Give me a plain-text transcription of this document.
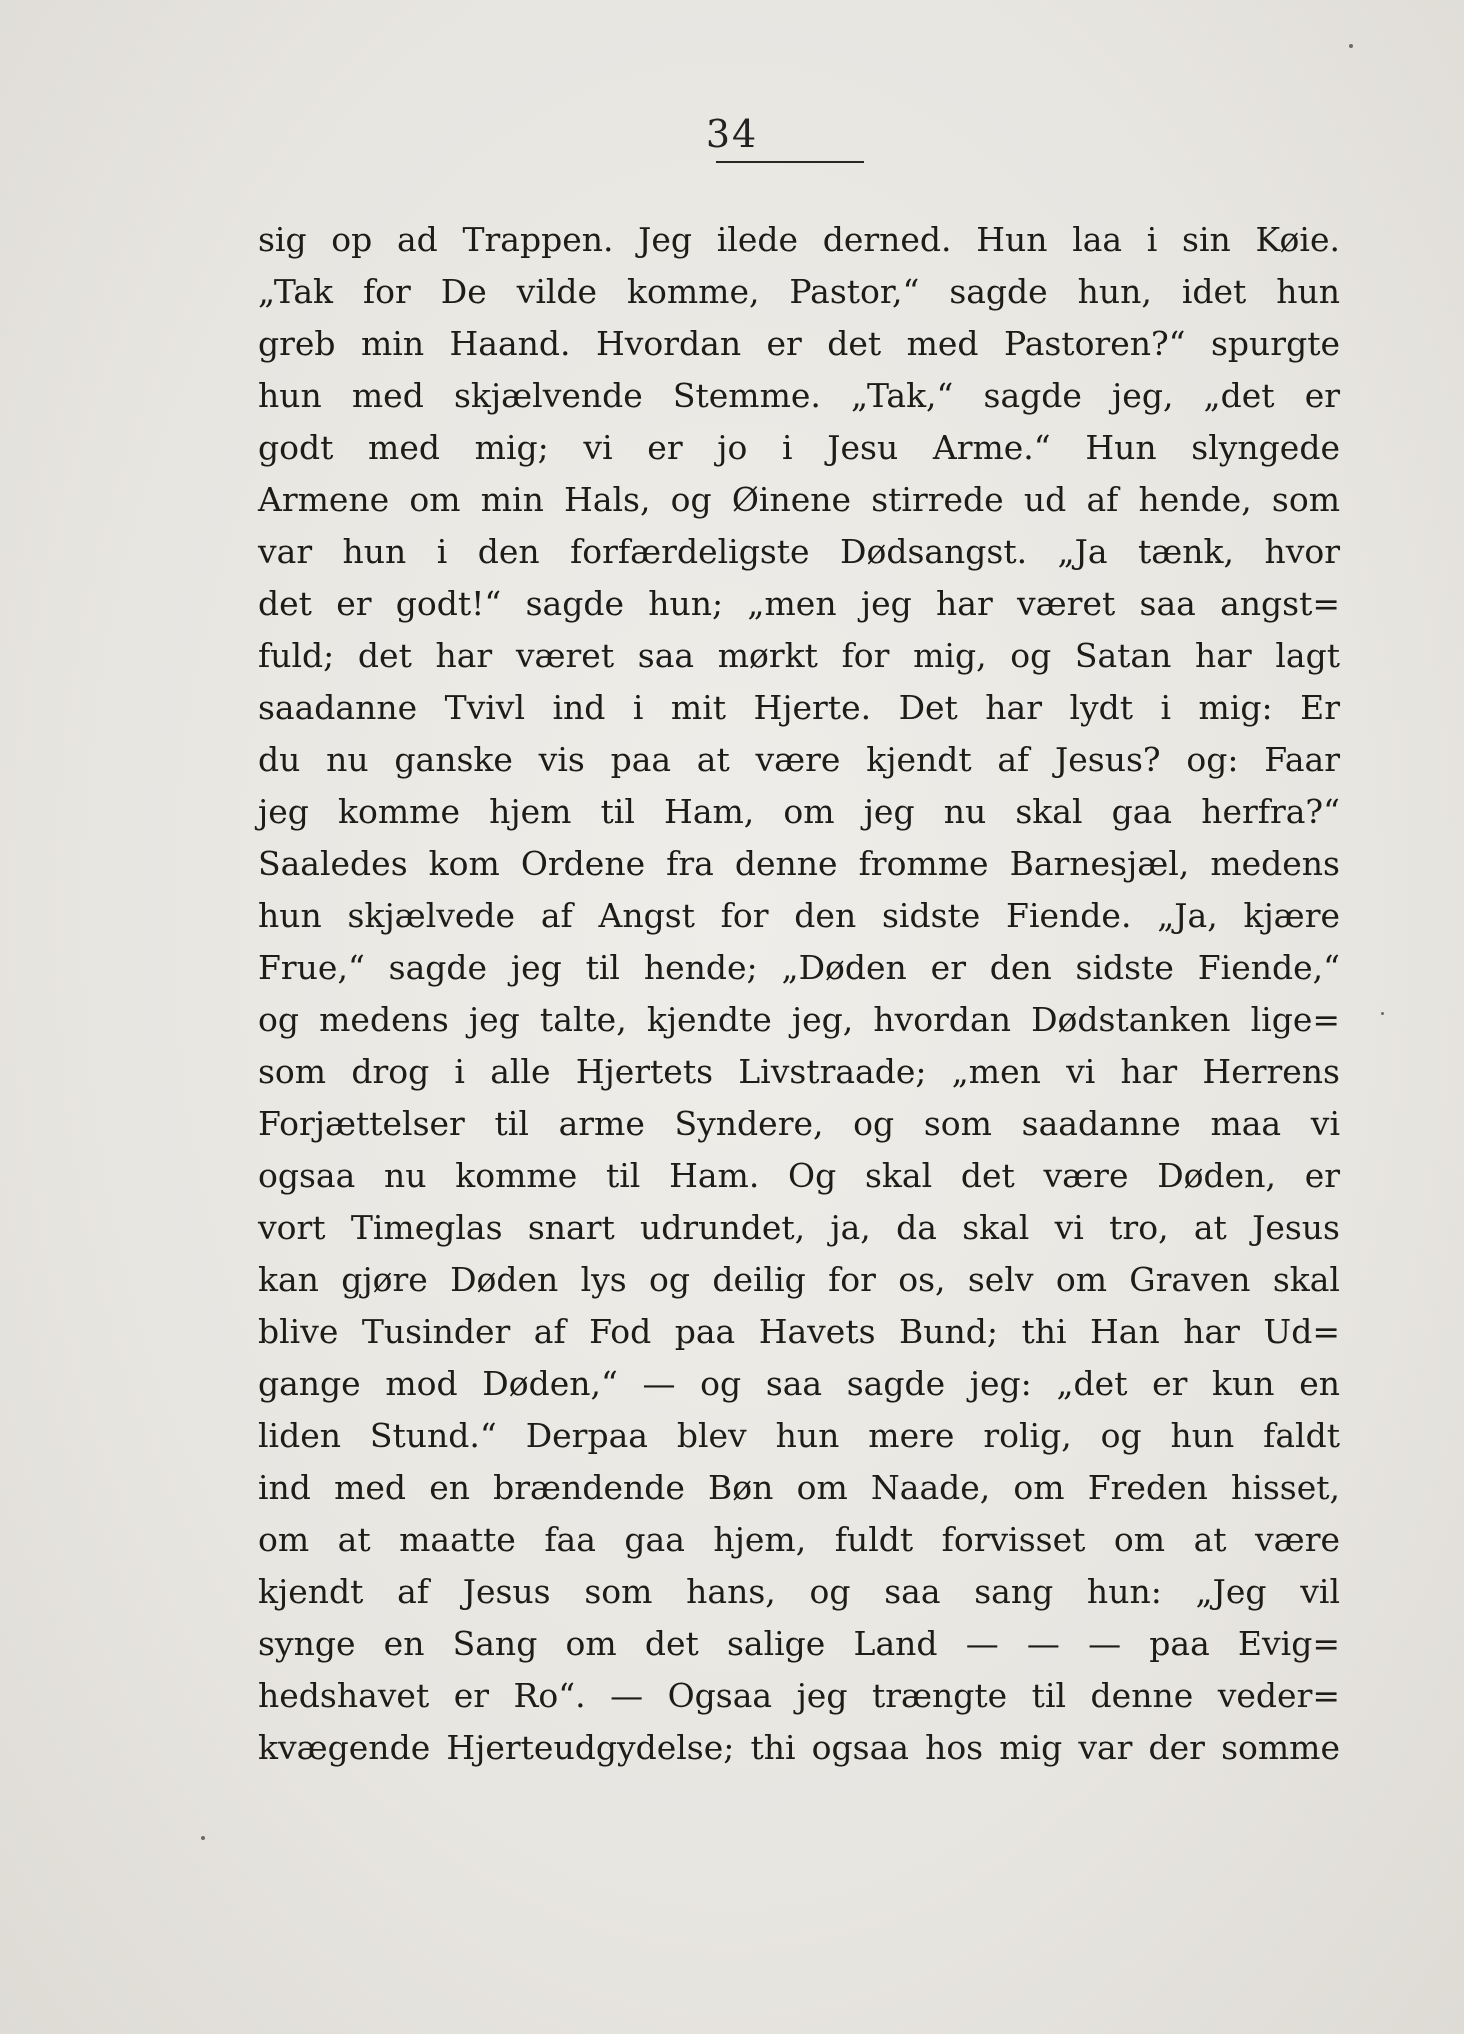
34
sig op ad Trappen. Jeg ilede derned. Hun laa i sin Køie.
„Tak for De vilde komme, Pastor,“ sagde hun, idet hun
greb min Haand. Hvordan er det med Pastoren?“ spurgte
hun med skjælvende Stemme. „Tak,“ sagde jeg, „det er
godt med mig; vi er jo i Jesu Arme.“ Hun slyngede
Armene om min Hals, og Øinene stirrede ud af hende, som
var hun i den forfærdeligste Dødsangst. „Ja tænk, hvor
det er godt!“ sagde hun; „men jeg har været saa angst=
fuld; det har været saa mørkt for mig, og Satan har lagt
saadanne Tvivl ind i mit Hjerte. Det har lydt i mig: Er
du nu ganske vis paa at være kjendt af Jesus? og: Faar
jeg komme hjem til Ham, om jeg nu skal gaa herfra?“
Saaledes kom Ordene fra denne fromme Barnesjæl, medens
hun skjælvede af Angst for den sidste Fiende. „Ja, kjære
Frue,“ sagde jeg til hende; „Døden er den sidste Fiende,“
og medens jeg talte, kjendte jeg, hvordan Dødstanken lige=
som drog i alle Hjertets Livstraade; „men vi har Herrens
Forjættelser til arme Syndere, og som saadanne maa vi
ogsaa nu komme til Ham. Og skal det være Døden, er
vort Timeglas snart udrundet, ja, da skal vi tro, at Jesus
kan gjøre Døden lys og deilig for os, selv om Graven skal
blive Tusinder af Fod paa Havets Bund; thi Han har Ud=
gange mod Døden,“ — og saa sagde jeg: „det er kun en
liden Stund.“ Derpaa blev hun mere rolig, og hun faldt
ind med en brændende Bøn om Naade, om Freden hisset,
om at maatte faa gaa hjem, fuldt forvisset om at være
kjendt af Jesus som hans, og saa sang hun: „Jeg vil
synge en Sang om det salige Land — — — paa Evig=
hedshavet er Ro“. — Ogsaa jeg trængte til denne veder=
kvægende Hjerteudgydelse; thi ogsaa hos mig var der somme
